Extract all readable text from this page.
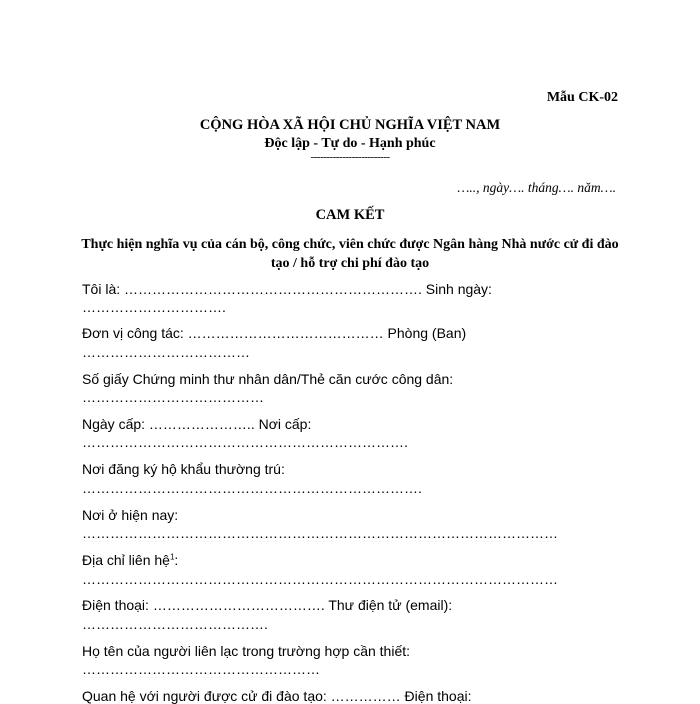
Mẫu CK-02
CỘNG HÒA XÃ HỘI CHỦ NGHĨA VIỆT NAM
Độc lập - Tự do - Hạnh phúc
-------------------------
….., ngày…. tháng…. năm….
CAM KẾT
Thực hiện nghĩa vụ của cán bộ, công chức, viên chức được Ngân hàng Nhà nước cử đi đào tạo / hỗ trợ chi phí đào tạo
Tôi là: ………………………………………………………. Sinh ngày:
………………………….
Đơn vị công tác: …………………………………… Phòng (Ban)
………………………………
Số giấy Chứng minh thư nhân dân/Thẻ căn cước công dân:
…………………………………
Ngày cấp: ………………….. Nơi cấp:
…………………………………………………………….
Nơi đăng ký hộ khẩu thường trú:
……………………………………………………………….
Nơi ở hiện nay:
…………………………………………………………………………………………
Địa chỉ liên hệ$^1$:
…………………………………………………………………………………………
Điện thoại: ………………………………. Thư điện tử (email):
………………………………….
Họ tên của người liên lạc trong trường hợp cần thiết:
……………………………………………
Quan hệ với người được cử đi đào tạo: …………… Điện thoại:
